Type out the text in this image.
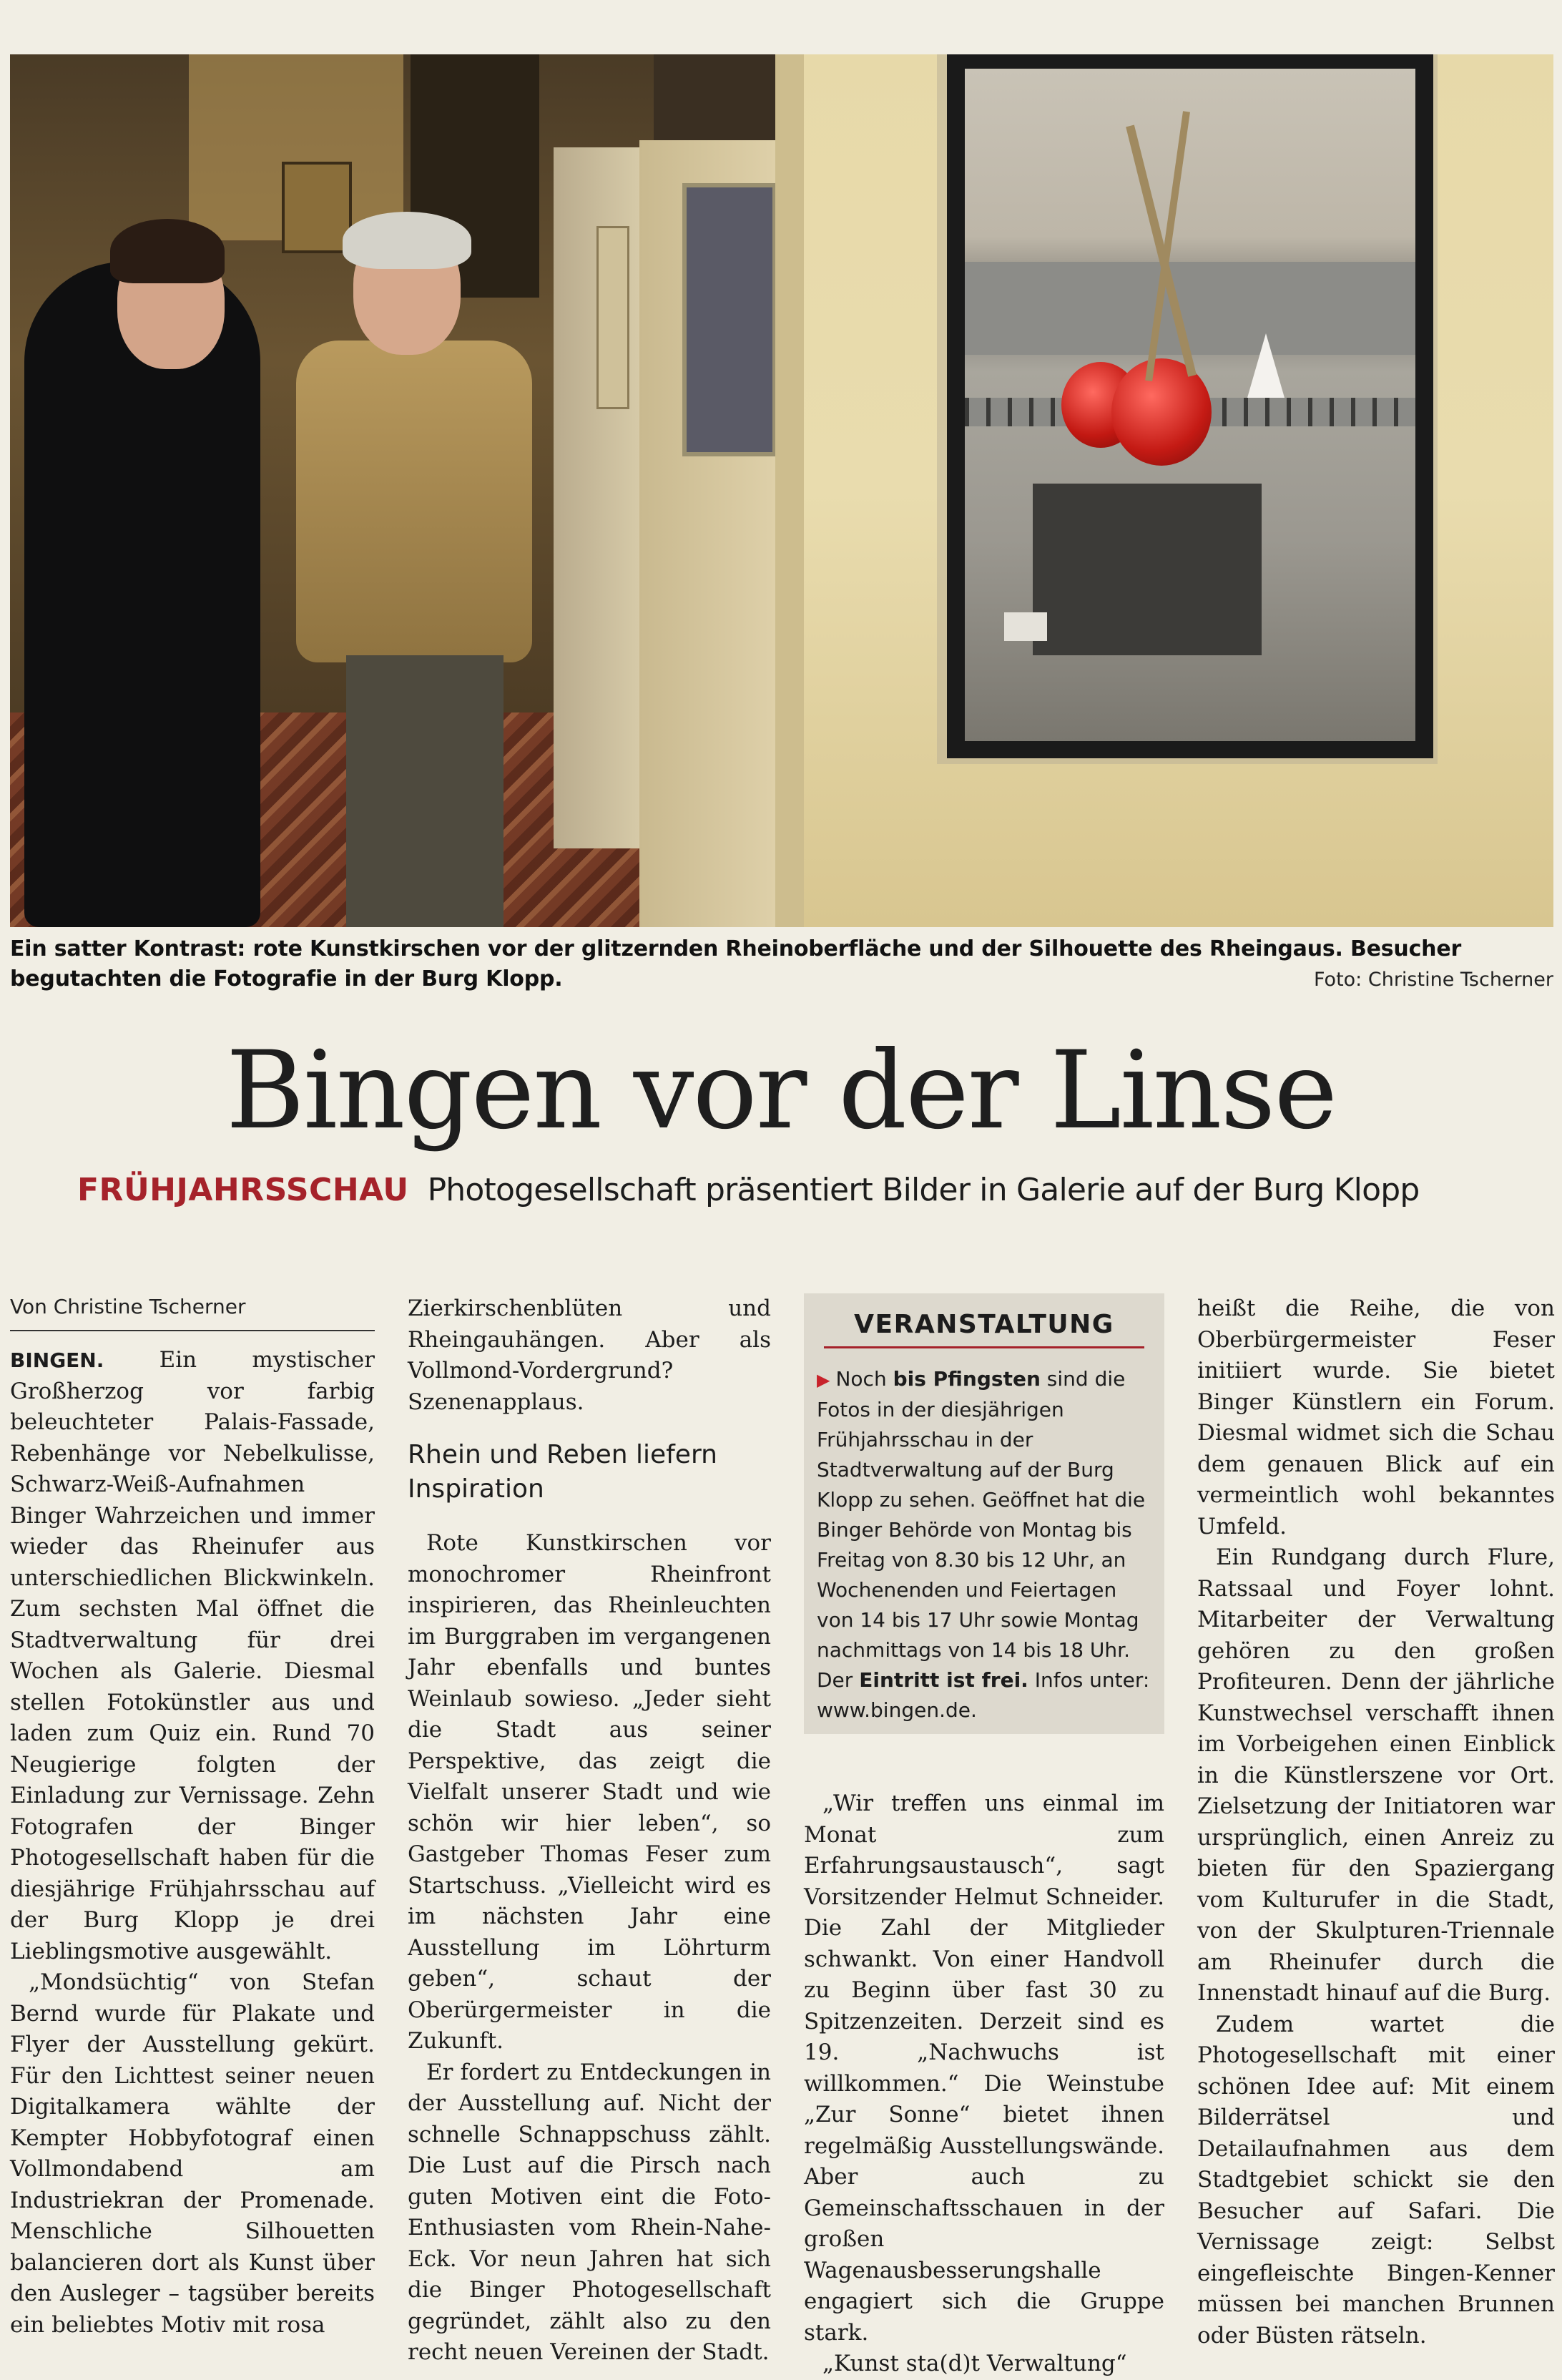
Ein satter Kontrast: rote Kunstkirschen vor der glitzernden Rheinoberfläche und der Silhouette des Rheingaus. Besucher begutachten die Fotografie in der Burg Klopp.	Foto: Christine Tscherner
Bingen vor der Linse
FRÜHJAHRSSCHAU Photogesellschaft präsentiert Bilder in Galerie auf der Burg Klopp
Von Christine Tscherner

BINGEN. Ein mystischer Großherzog vor farbig beleuchteter Palais-Fassade, Rebenhänge vor Nebelkulisse, Schwarz-Weiß-Aufnahmen Binger Wahrzeichen und immer wieder das Rheinufer aus unterschiedlichen Blickwinkeln. Zum sechsten Mal öffnet die Stadtverwaltung für drei Wochen als Galerie. Diesmal stellen Fotokünstler aus und laden zum Quiz ein. Rund 70 Neugierige folgten der Einladung zur Vernissage. Zehn Fotografen der Binger Photogesellschaft haben für die diesjährige Frühjahrsschau auf der Burg Klopp je drei Lieblingsmotive ausgewählt.

„Mondsüchtig“ von Stefan Bernd wurde für Plakate und Flyer der Ausstellung gekürt. Für den Lichttest seiner neuen Digitalkamera wählte der Kempter Hobbyfotograf einen Vollmondabend am Industriekran der Promenade. Menschliche Silhouetten balancieren dort als Kunst über den Ausleger – tagsüber bereits ein beliebtes Motiv mit rosa

Zierkirschenblüten und Rheingauhängen. Aber als Vollmond-Vordergrund? Szenenapplaus.

Rhein und Reben liefern Inspiration

Rote Kunstkirschen vor monochromer Rheinfront inspirieren, das Rheinleuchten im Burggraben im vergangenen Jahr ebenfalls und buntes Weinlaub sowieso. „Jeder sieht die Stadt aus seiner Perspektive, das zeigt die Vielfalt unserer Stadt und wie schön wir hier leben“, so Gastgeber Thomas Feser zum Startschuss. „Vielleicht wird es im nächsten Jahr eine Ausstellung im Löhrturm geben“, schaut der Oberürgermeister in die Zukunft.

Er fordert zu Entdeckungen in der Ausstellung auf. Nicht der schnelle Schnappschuss zählt. Die Lust auf die Pirsch nach guten Motiven eint die Foto-Enthusiasten vom Rhein-Nahe-Eck. Vor neun Jahren hat sich die Binger Photogesellschaft gegründet, zählt also zu den recht neuen Vereinen der Stadt.

VERANSTALTUNG
▶ Noch bis Pfingsten sind die Fotos in der diesjährigen Frühjahrsschau in der Stadtverwaltung auf der Burg Klopp zu sehen. Geöffnet hat die Binger Behörde von Montag bis Freitag von 8.30 bis 12 Uhr, an Wochenenden und Feiertagen von 14 bis 17 Uhr sowie Montag nachmittags von 14 bis 18 Uhr. Der Eintritt ist frei. Infos unter: www.bingen.de.

„Wir treffen uns einmal im Monat zum Erfahrungsaustausch“, sagt Vorsitzender Helmut Schneider. Die Zahl der Mitglieder schwankt. Von einer Handvoll zu Beginn über fast 30 zu Spitzenzeiten. Derzeit sind es 19. „Nachwuchs ist willkommen.“ Die Weinstube „Zur Sonne“ bietet ihnen regelmäßig Ausstellungswände. Aber auch zu Gemeinschaftsschauen in der großen Wagenausbesserungshalle engagiert sich die Gruppe stark.

„Kunst sta(d)t Verwaltung“

heißt die Reihe, die von Oberbürgermeister Feser initiiert wurde. Sie bietet Binger Künstlern ein Forum. Diesmal widmet sich die Schau dem genauen Blick auf ein vermeintlich wohl bekanntes Umfeld.

Ein Rundgang durch Flure, Ratssaal und Foyer lohnt. Mitarbeiter der Verwaltung gehören zu den großen Profiteuren. Denn der jährliche Kunstwechsel verschafft ihnen im Vorbeigehen einen Einblick in die Künstlerszene vor Ort. Zielsetzung der Initiatoren war ursprünglich, einen Anreiz zu bieten für den Spaziergang vom Kulturufer in die Stadt, von der Skulpturen-Triennale am Rheinufer durch die Innenstadt hinauf auf die Burg.

Zudem wartet die Photogesellschaft mit einer schönen Idee auf: Mit einem Bilderrätsel und Detailaufnahmen aus dem Stadtgebiet schickt sie den Besucher auf Safari. Die Vernissage zeigt: Selbst eingefleischte Bingen-Kenner müssen bei manchen Brunnen oder Büsten rätseln.
